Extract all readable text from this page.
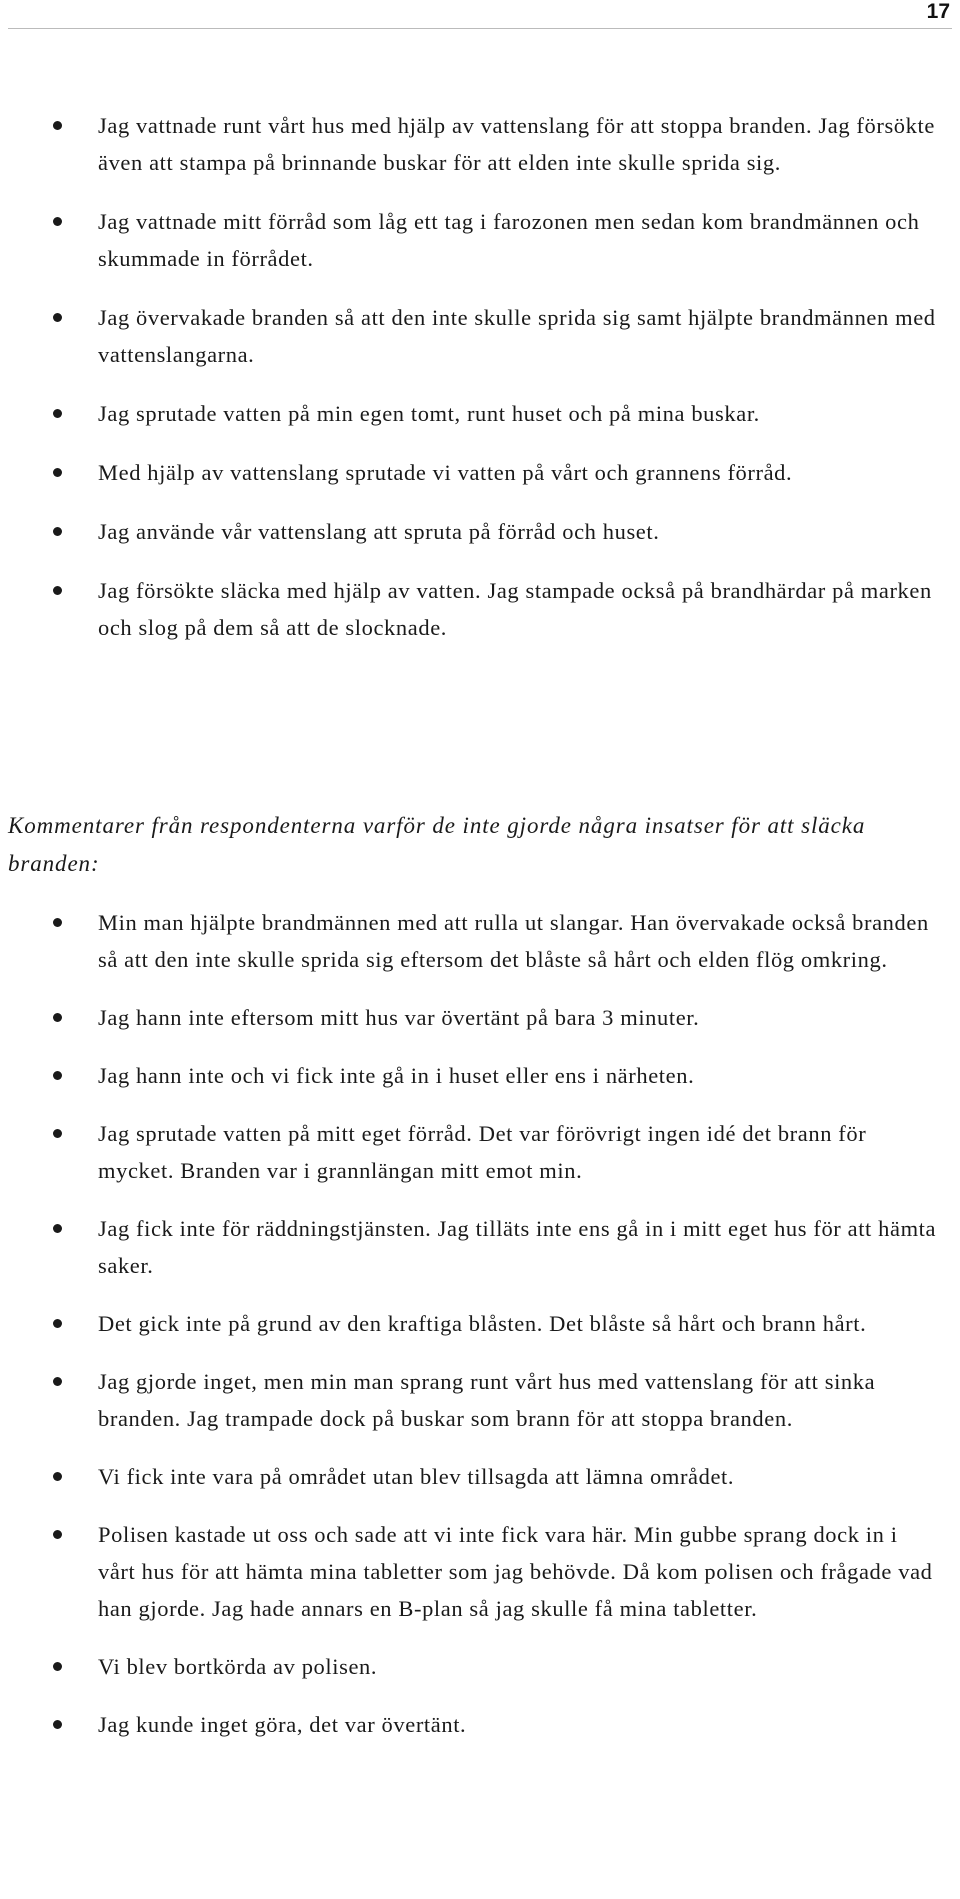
17
Jag vattnade runt vårt hus med hjälp av vattenslang för att stoppa branden. Jag försökte även att stampa på brinnande buskar för att elden inte skulle sprida sig.
Jag vattnade mitt förråd som låg ett tag i farozonen men sedan kom brandmännen och skummade in förrådet.
Jag övervakade branden så att den inte skulle sprida sig samt hjälpte brandmännen med vattenslangarna.
Jag sprutade vatten på min egen tomt, runt huset och på mina buskar.
Med hjälp av vattenslang sprutade vi vatten på vårt och grannens förråd.
Jag använde vår vattenslang att spruta på förråd och huset.
Jag försökte släcka med hjälp av vatten. Jag stampade också på brandhärdar på marken och slog på dem så att de slocknade.
Kommentarer från respondenterna varför de inte gjorde några insatser för att släcka branden:
Min man hjälpte brandmännen med att rulla ut slangar. Han övervakade också branden så att den inte skulle sprida sig eftersom det blåste så hårt och elden flög omkring.
Jag hann inte eftersom mitt hus var övertänt på bara 3 minuter.
Jag hann inte och vi fick inte gå in i huset eller ens i närheten.
Jag sprutade vatten på mitt eget förråd. Det var förövrigt ingen idé det brann för mycket. Branden var i grannlängan mitt emot min.
Jag fick inte för räddningstjänsten. Jag tilläts inte ens gå in i mitt eget hus för att hämta saker.
Det gick inte på grund av den kraftiga blåsten. Det blåste så hårt och brann hårt.
Jag gjorde inget, men min man sprang runt vårt hus med vattenslang för att sinka branden. Jag trampade dock på buskar som brann för att stoppa branden.
Vi fick inte vara på området utan blev tillsagda att lämna området.
Polisen kastade ut oss och sade att vi inte fick vara här. Min gubbe sprang dock in i vårt hus för att hämta mina tabletter som jag behövde. Då kom polisen och frågade vad han gjorde. Jag hade annars en B-plan så jag skulle få mina tabletter.
Vi blev bortkörda av polisen.
Jag kunde inget göra, det var övertänt.
